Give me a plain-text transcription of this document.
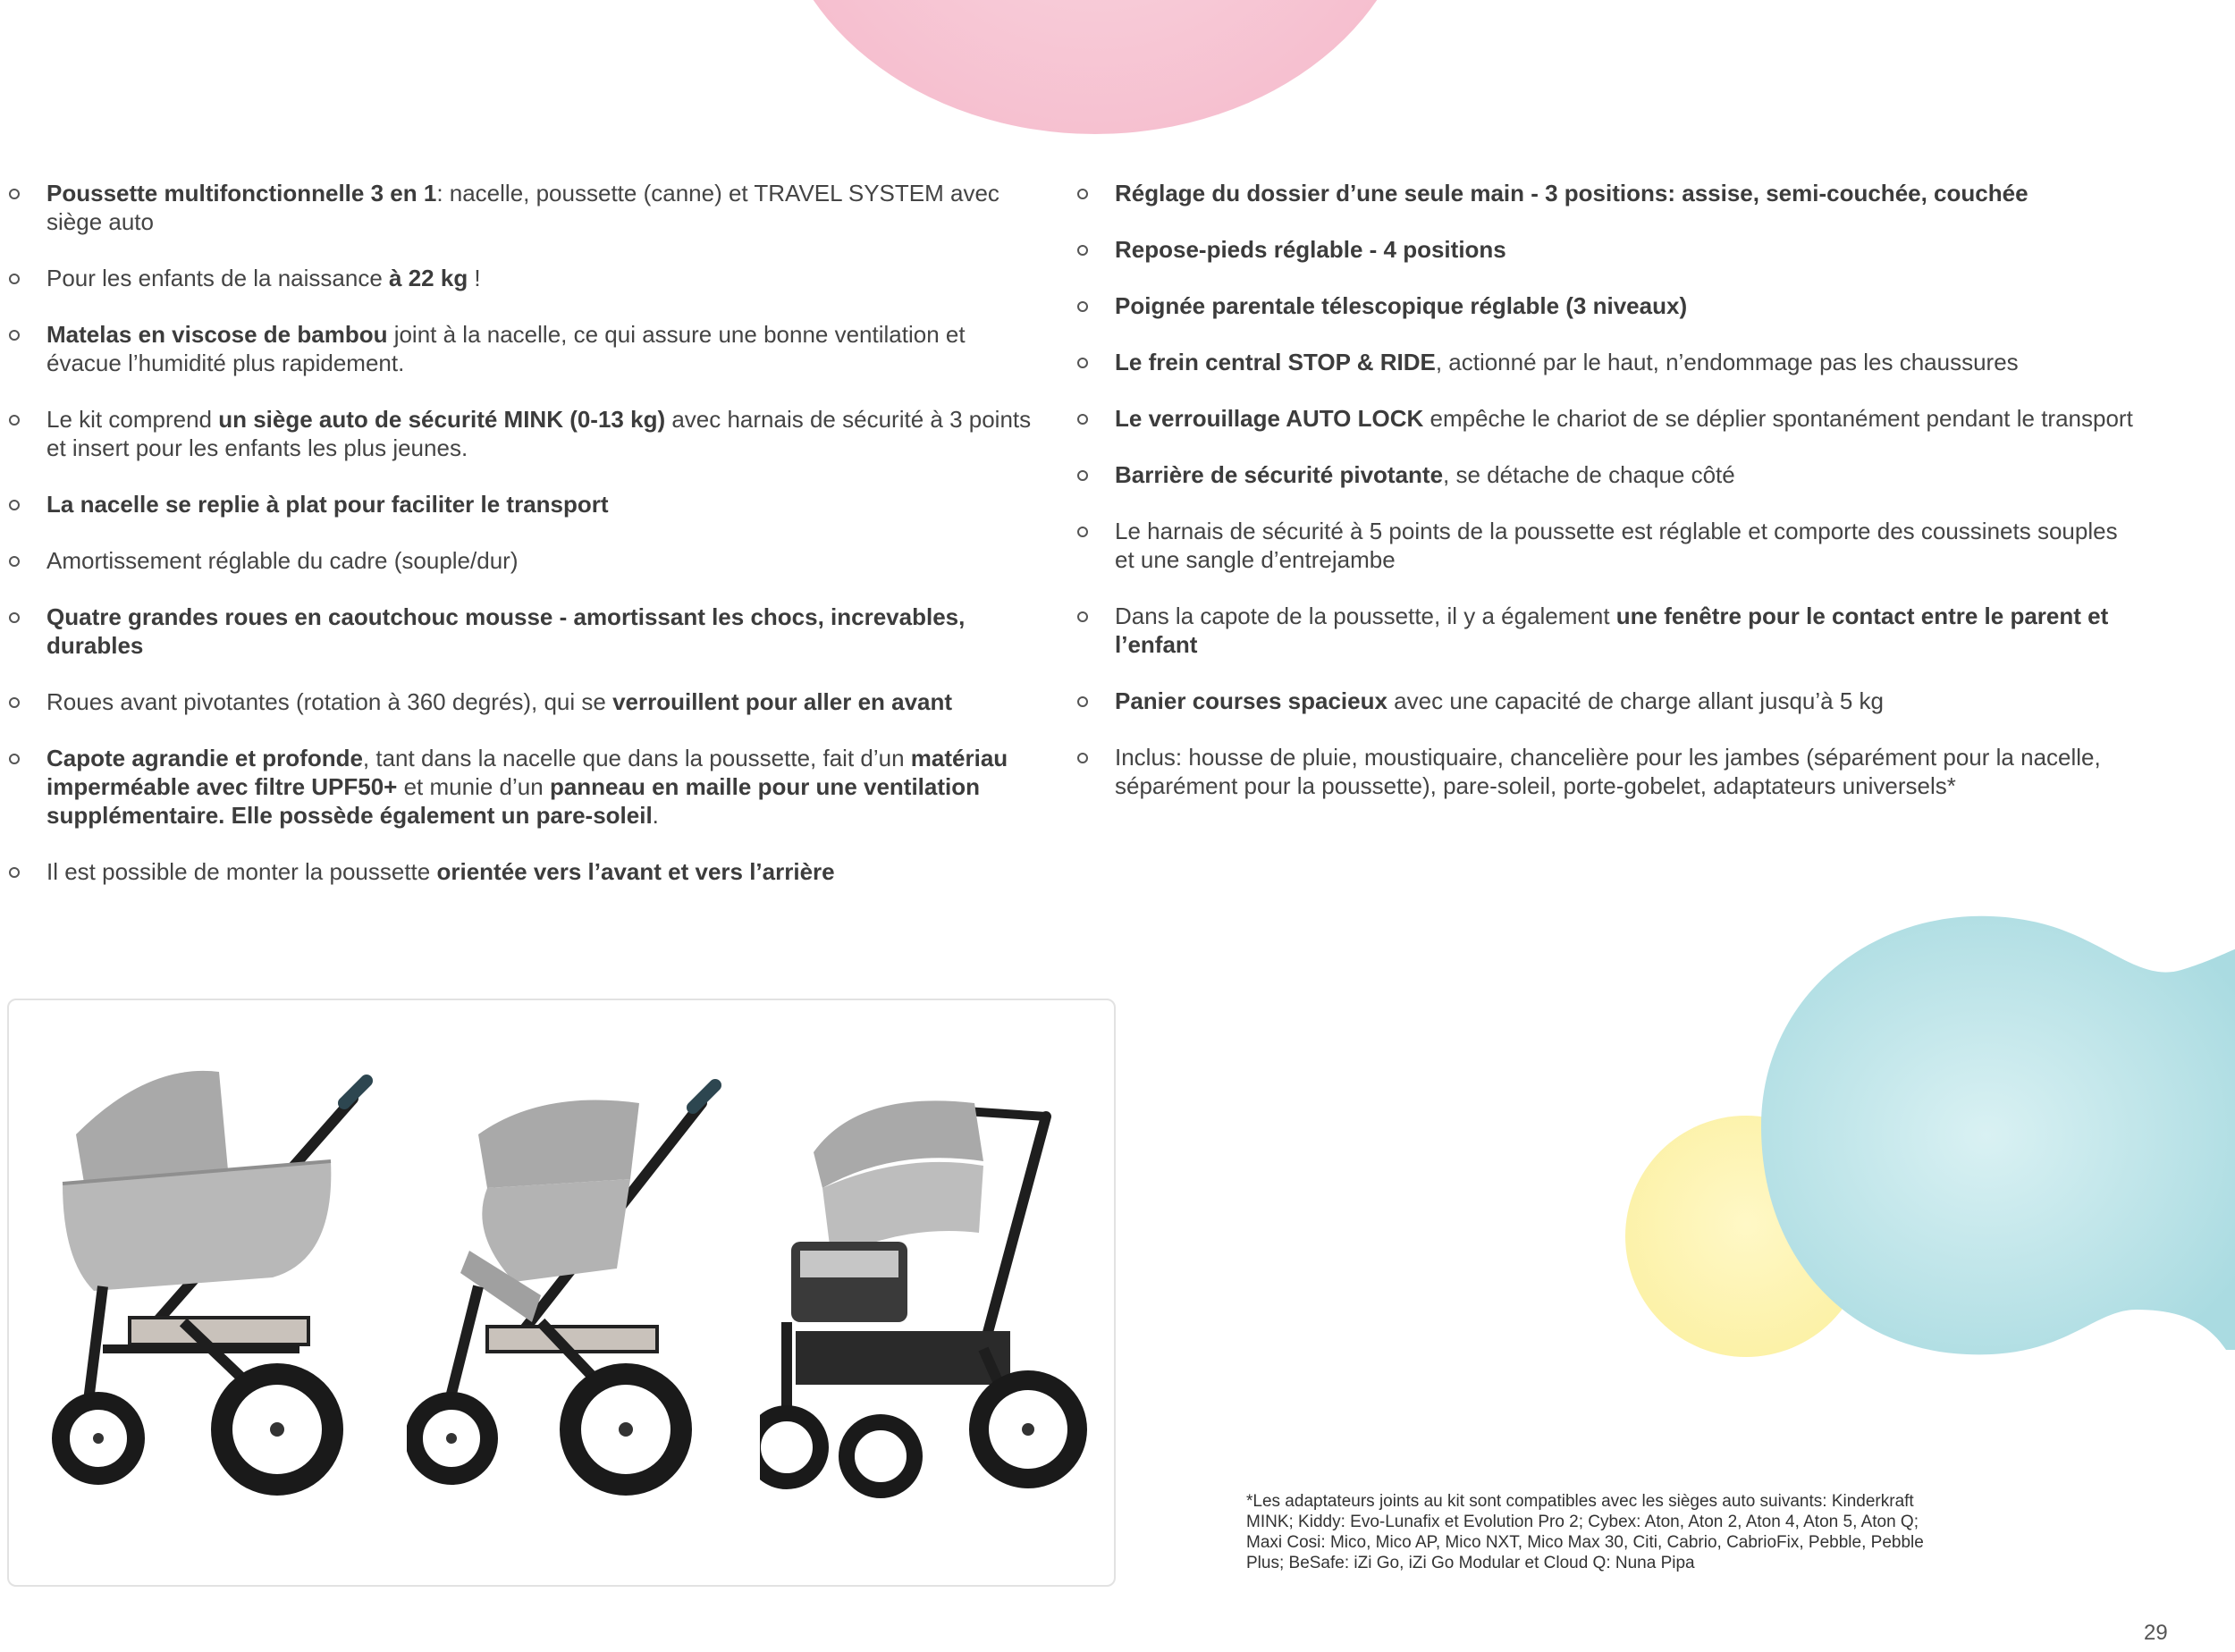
Poussette multifonctionnelle 3 en 1: nacelle, poussette (canne) et TRAVEL SYSTEM avec siège auto
Pour les enfants de la naissance à 22 kg !
Matelas en viscose de bambou joint à la nacelle, ce qui assure une bonne ventilation et évacue l’humidité plus rapidement.
Le kit comprend un siège auto de sécurité MINK (0-13 kg) avec harnais de sécurité à 3 points et insert pour les enfants les plus jeunes.
La nacelle se replie à plat pour faciliter le transport
Amortissement réglable du cadre (souple/dur)
Quatre grandes roues en caoutchouc mousse - amortissant les chocs, increvables, durables
Roues avant pivotantes (rotation à 360 degrés), qui se verrouillent pour aller en avant
Capote agrandie et profonde, tant dans la nacelle que dans la poussette, fait d’un matériau imperméable avec filtre UPF50+ et munie d’un panneau en maille pour une ventilation supplémentaire. Elle possède également un pare-soleil.
Il est possible de monter la poussette orientée vers l’avant et vers l’arrière
Réglage du dossier d’une seule main - 3 positions: assise, semi-couchée, couchée
Repose-pieds réglable - 4 positions
Poignée parentale télescopique réglable (3 niveaux)
Le frein central STOP & RIDE, actionné par le haut, n’endommage pas les chaussures
Le verrouillage AUTO LOCK empêche le chariot de se déplier spontanément pendant le transport
Barrière de sécurité pivotante, se détache de chaque côté
Le harnais de sécurité à 5 points de la poussette est réglable et comporte des coussinets souples et une sangle d’entrejambe
Dans la capote de la poussette, il y a également une fenêtre pour le contact entre le parent et l’enfant
Panier courses spacieux avec une capacité de charge allant jusqu’à 5 kg
Inclus: housse de pluie, moustiquaire, chancelière pour les jambes (séparément pour la nacelle, séparément pour la poussette), pare-soleil, porte-gobelet, adaptateurs universels*
*Les adaptateurs joints au kit sont compatibles avec les sièges auto suivants: Kinderkraft MINK; Kiddy: Evo-Lunafix et Evolution Pro 2; Cybex: Aton, Aton 2, Aton 4, Aton 5, Aton Q; Maxi Cosi: Mico, Mico AP, Mico NXT, Mico Max 30, Citi, Cabrio, CabrioFix, Pebble, Pebble Plus; BeSafe: iZi Go, iZi Go Modular et Cloud Q: Nuna Pipa
29
